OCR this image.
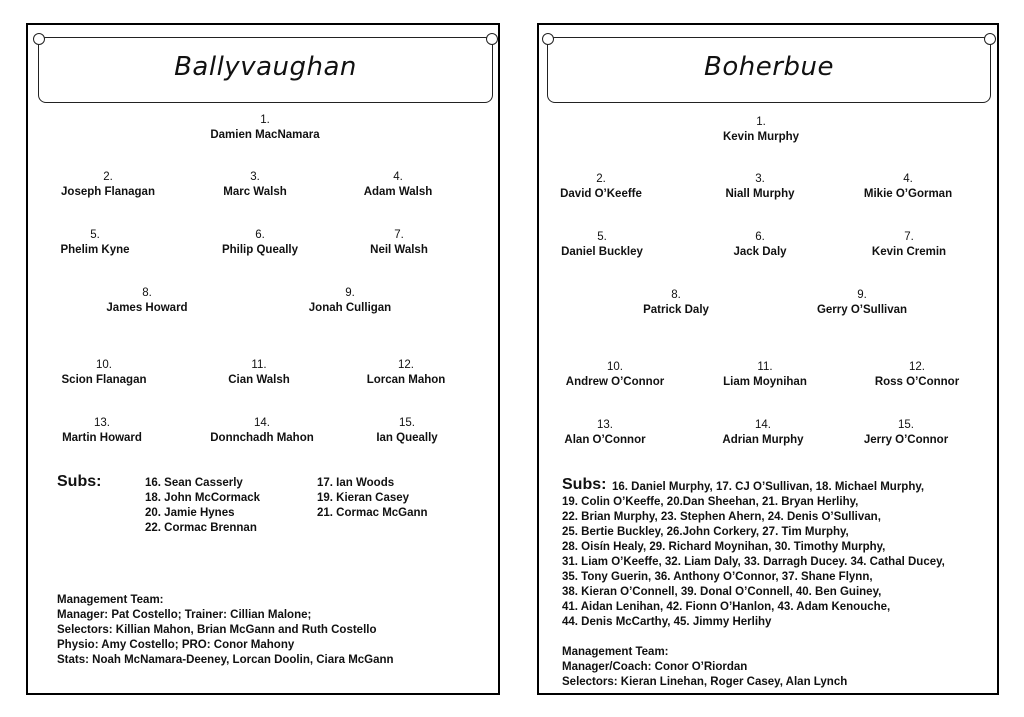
Ballyvaughan
1.
Damien MacNamara
2.
Joseph Flanagan
3.
Marc Walsh
4.
Adam Walsh
5.
Phelim Kyne
6.
Philip Queally
7.
Neil Walsh
8.
James Howard
9.
Jonah Culligan
10.
Scion Flanagan
11.
Cian Walsh
12.
Lorcan Mahon
13.
Martin Howard
14.
Donnchadh Mahon
15.
Ian Queally
Subs:	16. Sean Casserly	17. Ian Woods
18. John McCormack	19. Kieran Casey
20. Jamie Hynes	21. Cormac McGann
22. Cormac Brennan
Management Team:
Manager: Pat Costello; Trainer: Cillian Malone;
Selectors: Killian Mahon, Brian McGann and Ruth Costello
Physio: Amy Costello; PRO: Conor Mahony
Stats: Noah McNamara-Deeney, Lorcan Doolin, Ciara McGann
Boherbue
1.
Kevin Murphy
2.
David O’Keeffe
3.
Niall Murphy
4.
Mikie O’Gorman
5.
Daniel Buckley
6.
Jack Daly
7.
Kevin Cremin
8.
Patrick Daly
9.
Gerry O’Sullivan
10.
Andrew O’Connor
11.
Liam Moynihan
12.
Ross O’Connor
13.
Alan O’Connor
14.
Adrian Murphy
15.
Jerry O’Connor
Subs: 16. Daniel Murphy, 17. CJ O’Sullivan, 18. Michael Murphy,
19. Colin O’Keeffe, 20.Dan Sheehan, 21. Bryan Herlihy,
22. Brian Murphy, 23. Stephen Ahern, 24. Denis O’Sullivan,
25. Bertie Buckley, 26.John Corkery, 27. Tim Murphy,
28. Oisín Healy, 29. Richard Moynihan, 30. Timothy Murphy,
31. Liam O’Keeffe, 32. Liam Daly, 33. Darragh Ducey. 34. Cathal Ducey,
35. Tony Guerin, 36. Anthony O’Connor, 37. Shane Flynn,
38. Kieran O’Connell, 39. Donal O’Connell, 40. Ben Guiney,
41. Aidan Lenihan, 42. Fionn O’Hanlon, 43. Adam Kenouche,
44. Denis McCarthy, 45. Jimmy Herlihy
Management Team:
Manager/Coach: Conor O’Riordan
Selectors: Kieran Linehan, Roger Casey, Alan Lynch
